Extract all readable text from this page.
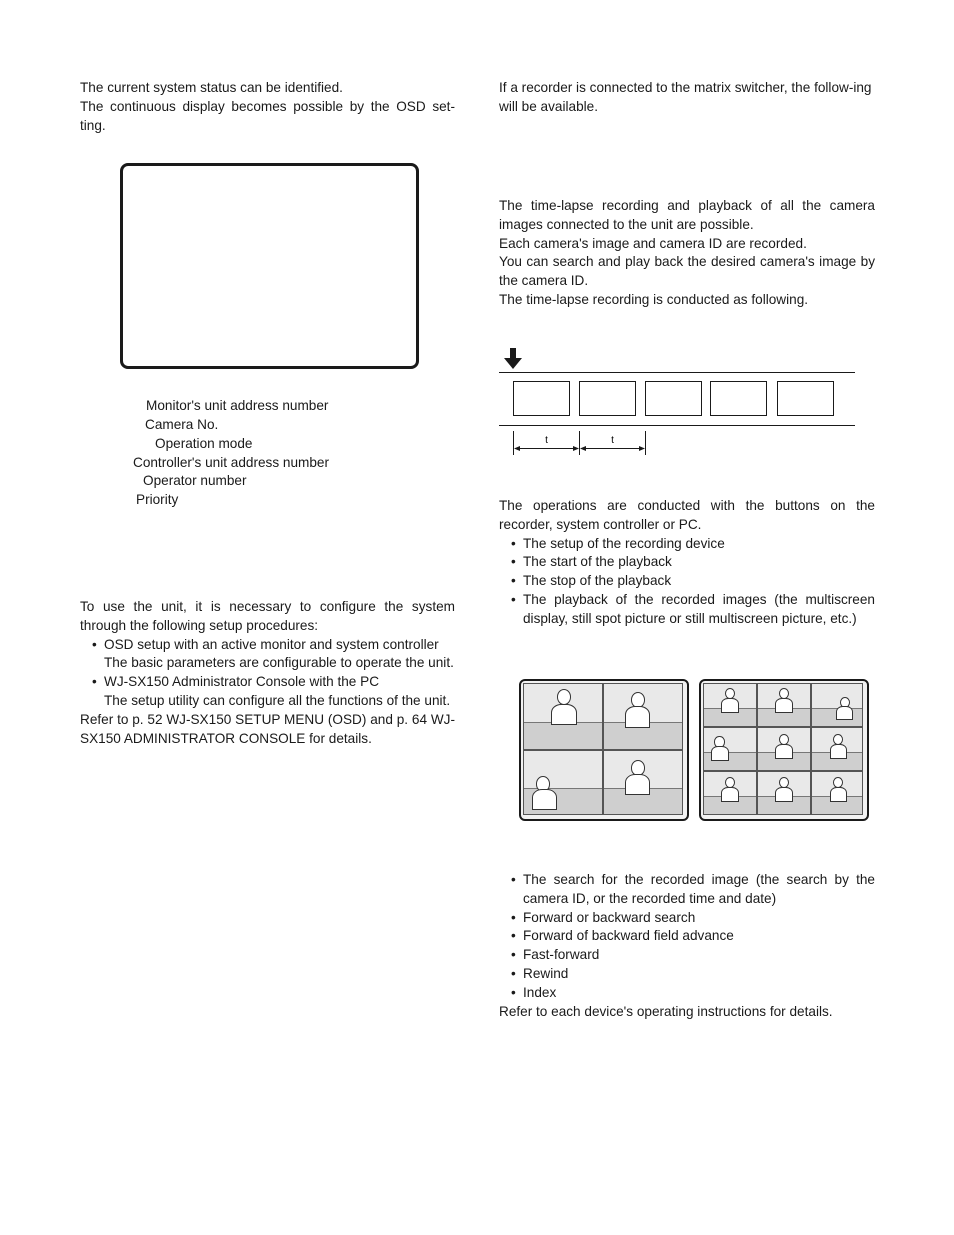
The current system status can be identified.

The continuous display becomes possible by the OSD set-ting.

Monitor's unit address number
Camera No.
Operation mode
Controller's unit address number
Operator number
Priority

To use the unit, it is necessary to configure the system through the following setup procedures:

• OSD setup with an active monitor and system controller

The basic parameters are configurable to operate the unit.

• WJ-SX150 Administrator Console with the PC

The setup utility can configure all the functions of the unit.

Refer to p. 52 WJ-SX150 SETUP MENU (OSD) and p. 64 WJ-SX150 ADMINISTRATOR CONSOLE for details.

If a recorder is connected to the matrix switcher, the follow-ing will be available.

The time-lapse recording and playback of all the camera images connected to the unit are possible.

Each camera's image and camera ID are recorded.

You can search and play back the desired camera's image by the camera ID.

The time-lapse recording is conducted as following.

t	t

The operations are conducted with the buttons on the recorder, system controller or PC.

• The setup of the recording device
• The start of the playback
• The stop of the playback
• The playback of the recorded images (the multiscreen display, still spot picture or still multiscreen picture, etc.)
• The search for the recorded image (the search by the camera ID, or the recorded time and date)
• Forward or backward search
• Forward of backward field advance
• Fast-forward
• Rewind
• Index

Refer to each device's operating instructions for details.
